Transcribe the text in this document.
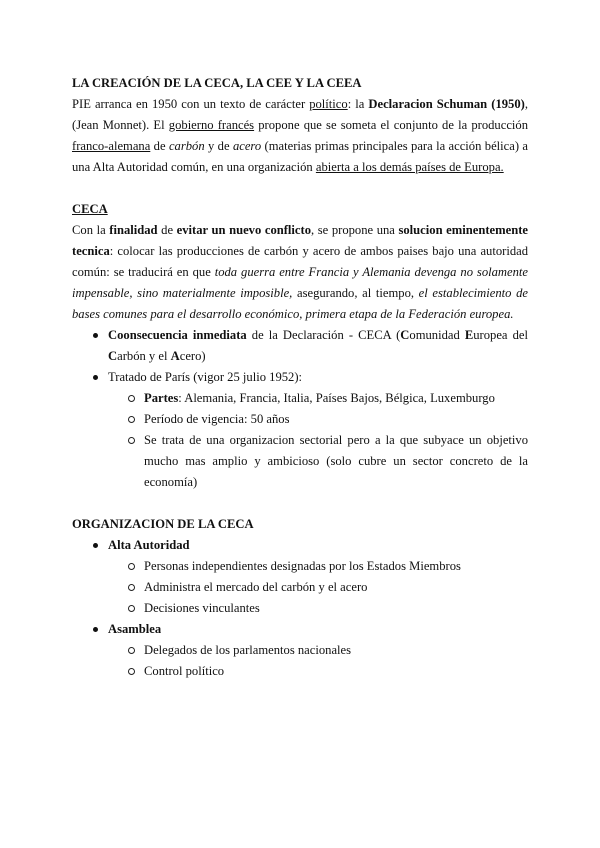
LA CREACIÓN DE LA CECA, LA CEE Y LA CEEA

PIE arranca en 1950 con un texto de carácter político: la Declaracion Schuman (1950), (Jean Monnet). El gobierno francés propone que se someta el conjunto de la producción franco-alemana de carbón y de acero (materias primas principales para la acción bélica) a una Alta Autoridad común, en una organización abierta a los demás países de Europa.

CECA

Con la finalidad de evitar un nuevo conflicto, se propone una solucion eminentemente tecnica: colocar las producciones de carbón y acero de ambos paises bajo una autoridad común: se traducirá en que toda guerra entre Francia y Alemania devenga no solamente impensable, sino materialmente imposible, asegurando, al tiempo, el establecimiento de bases comunes para el desarrollo económico, primera etapa de la Federación europea.

Coonsecuencia inmediata de la Declaración - CECA (Comunidad Europea del Carbón y el Acero)
Tratado de París (vigor 25 julio 1952):
Partes: Alemania, Francia, Italia, Países Bajos, Bélgica, Luxemburgo
Período de vigencia: 50 años
Se trata de una organizacion sectorial pero a la que subyace un objetivo mucho mas amplio y ambicioso (solo cubre un sector concreto de la economía)

ORGANIZACION DE LA CECA

Alta Autoridad
Personas independientes designadas por los Estados Miembros
Administra el mercado del carbón y el acero
Decisiones vinculantes
Asamblea
Delegados de los parlamentos nacionales
Control político
